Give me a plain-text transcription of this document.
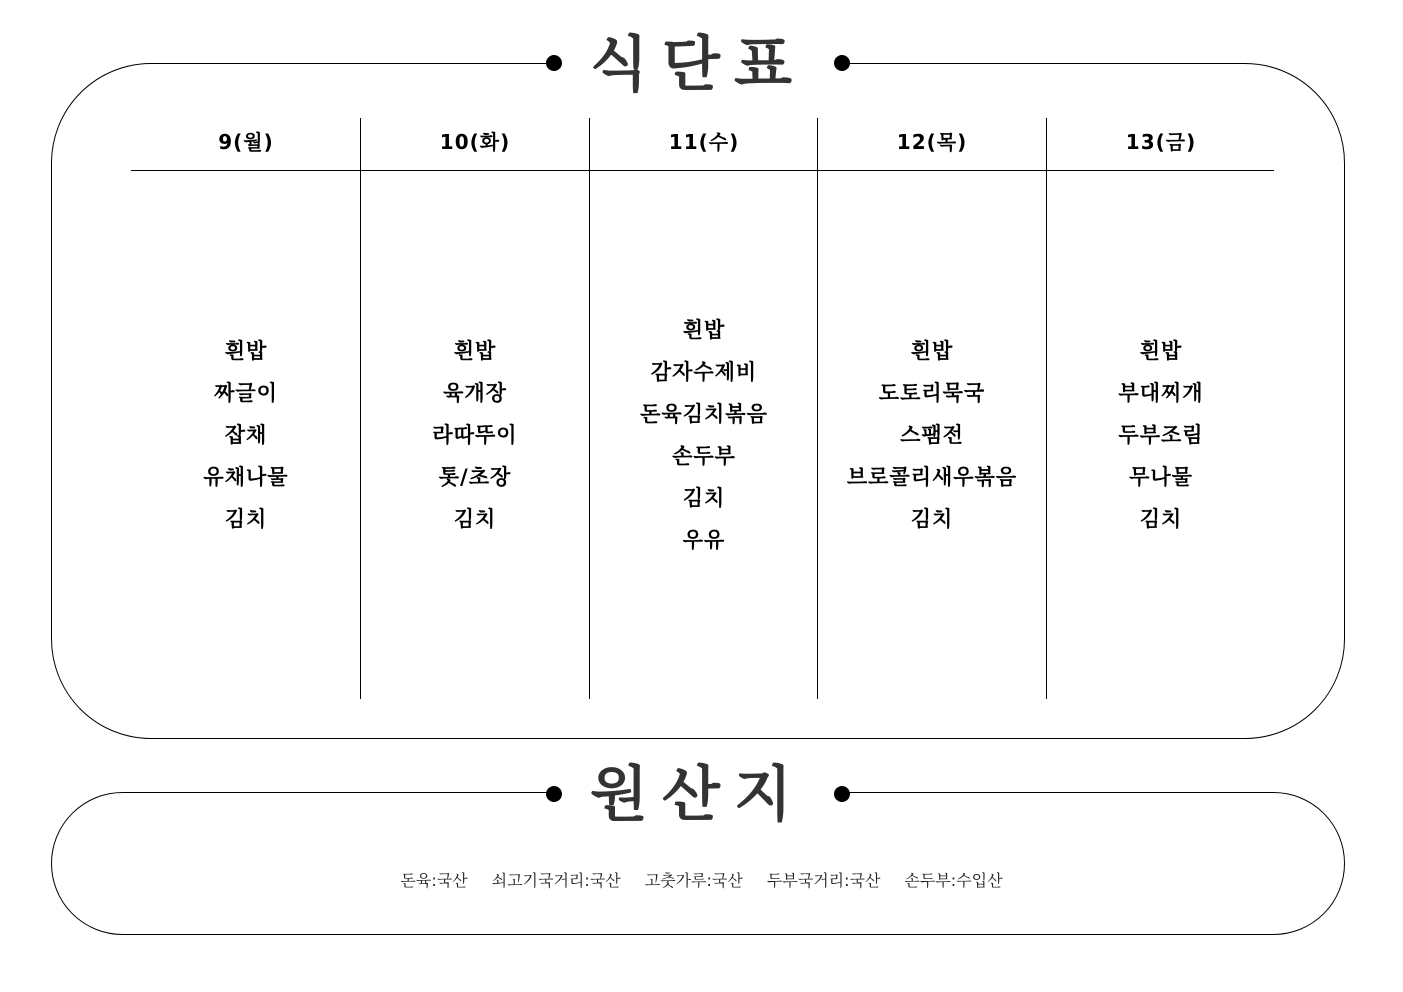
식단표
9(월)
흰밥
짜글이
잡채
유채나물
김치
10(화)
흰밥
육개장
라따뚜이
톳/초장
김치
11(수)
흰밥
감자수제비
돈육김치볶음
손두부
김치
우유
12(목)
흰밥
도토리묵국
스팸전
브로콜리새우볶음
김치
13(금)
흰밥
부대찌개
두부조림
무나물
김치
원산지
돈육:국산 쇠고기국거리:국산 고춧가루:국산 두부국거리:국산 손두부:수입산
